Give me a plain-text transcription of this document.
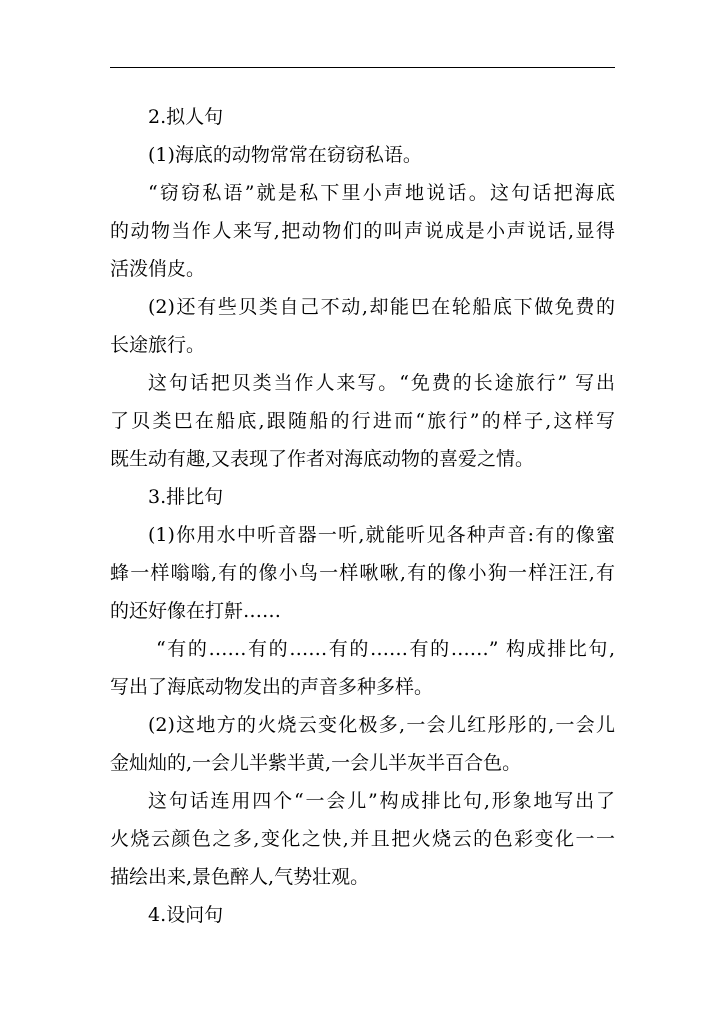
2.拟人句
(1)海底的动物常常在窃窃私语。
“窃窃私语”就是私下里小声地说话。这句话把海底
的动物当作人来写,把动物们的叫声说成是小声说话,显得
活泼俏皮。
(2)还有些贝类自己不动,却能巴在轮船底下做免费的
长途旅行。
这句话把贝类当作人来写。“免费的长途旅行” 写出
了贝类巴在船底,跟随船的行进而“旅行”的样子,这样写
既生动有趣,又表现了作者对海底动物的喜爱之情。
3.排比句
(1)你用水中听音器一听,就能听见各种声音:有的像蜜
蜂一样嗡嗡,有的像小鸟一样啾啾,有的像小狗一样汪汪,有
的还好像在打鼾……
“有的……有的……有的……有的……” 构成排比句,
写出了海底动物发出的声音多种多样。
(2)这地方的火烧云变化极多,一会儿红彤彤的,一会儿
金灿灿的,一会儿半紫半黄,一会儿半灰半百合色。
这句话连用四个“一会儿”构成排比句,形象地写出了
火烧云颜色之多,变化之快,并且把火烧云的色彩变化一一
描绘出来,景色醉人,气势壮观。
4.设问句
